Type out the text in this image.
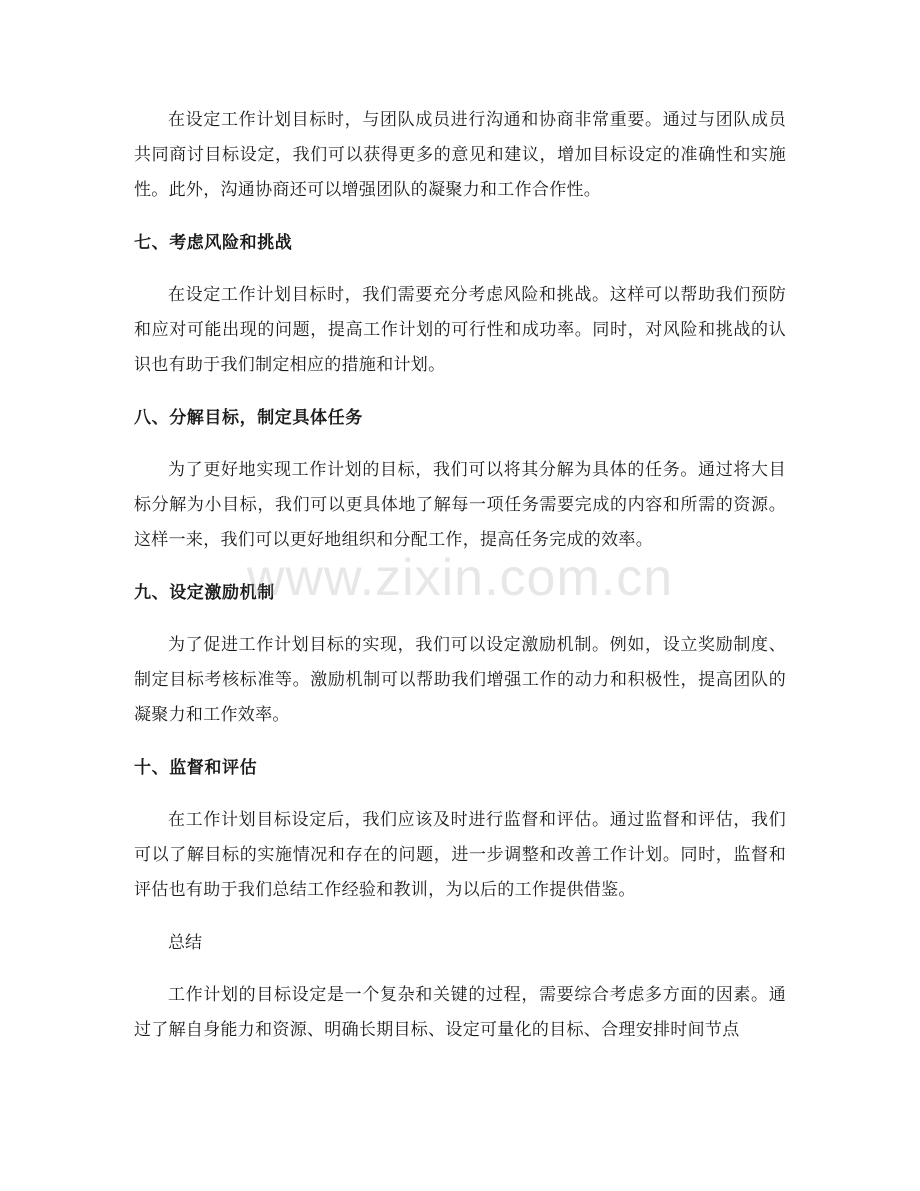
在设定工作计划目标时，与团队成员进行沟通和协商非常重要。通过与团队成员共同商讨目标设定，我们可以获得更多的意见和建议，增加目标设定的准确性和实施性。此外，沟通协商还可以增强团队的凝聚力和工作合作性。

七、考虑风险和挑战

在设定工作计划目标时，我们需要充分考虑风险和挑战。这样可以帮助我们预防和应对可能出现的问题，提高工作计划的可行性和成功率。同时，对风险和挑战的认识也有助于我们制定相应的措施和计划。

八、分解目标，制定具体任务

为了更好地实现工作计划的目标，我们可以将其分解为具体的任务。通过将大目标分解为小目标，我们可以更具体地了解每一项任务需要完成的内容和所需的资源。这样一来，我们可以更好地组织和分配工作，提高任务完成的效率。

九、设定激励机制

为了促进工作计划目标的实现，我们可以设定激励机制。例如，设立奖励制度、制定目标考核标准等。激励机制可以帮助我们增强工作的动力和积极性，提高团队的凝聚力和工作效率。

十、监督和评估

在工作计划目标设定后，我们应该及时进行监督和评估。通过监督和评估，我们可以了解目标的实施情况和存在的问题，进一步调整和改善工作计划。同时，监督和评估也有助于我们总结工作经验和教训，为以后的工作提供借鉴。

总结

工作计划的目标设定是一个复杂和关键的过程，需要综合考虑多方面的因素。通过了解自身能力和资源、明确长期目标、设定可量化的目标、合理安排时间节点

www.zixin.com.cn
